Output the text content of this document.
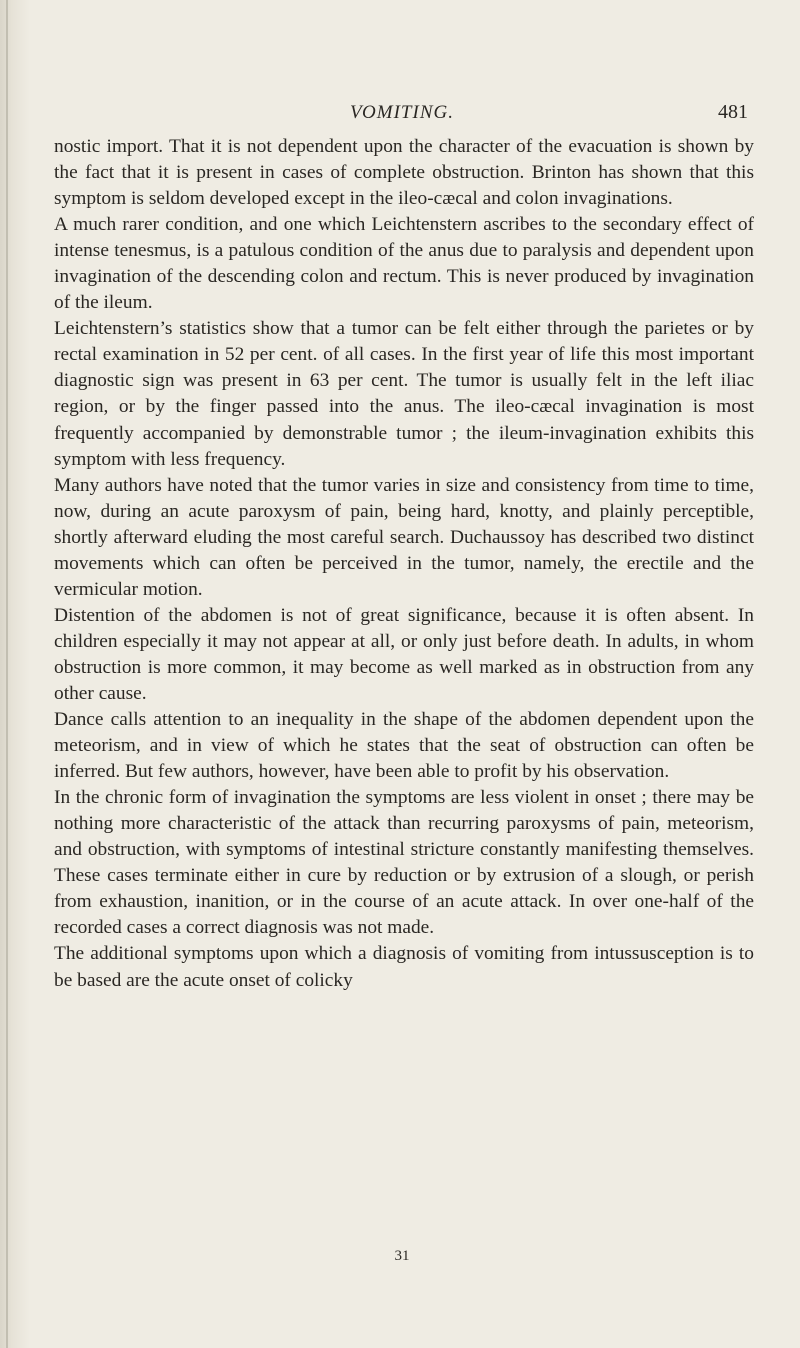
VOMITING.	481

nostic import. That it is not dependent upon the character of the evacuation is shown by the fact that it is present in cases of complete obstruction. Brinton has shown that this symptom is seldom developed except in the ileo-cæcal and colon invaginations.

A much rarer condition, and one which Leichtenstern ascribes to the secondary effect of intense tenesmus, is a patulous condition of the anus due to paralysis and dependent upon invagination of the descending colon and rectum. This is never produced by invagination of the ileum.

Leichtenstern’s statistics show that a tumor can be felt either through the parietes or by rectal examination in 52 per cent. of all cases. In the first year of life this most important diagnostic sign was present in 63 per cent. The tumor is usually felt in the left iliac region, or by the finger passed into the anus. The ileo-cæcal invagination is most frequently accompanied by demonstrable tumor ; the ileum-invagination exhibits this symptom with less frequency.

Many authors have noted that the tumor varies in size and consistency from time to time, now, during an acute paroxysm of pain, being hard, knotty, and plainly perceptible, shortly afterward eluding the most careful search. Duchaussoy has described two distinct movements which can often be perceived in the tumor, namely, the erectile and the vermicular motion.

Distention of the abdomen is not of great significance, because it is often absent. In children especially it may not appear at all, or only just before death. In adults, in whom obstruction is more common, it may become as well marked as in obstruction from any other cause.

Dance calls attention to an inequality in the shape of the abdomen dependent upon the meteorism, and in view of which he states that the seat of obstruction can often be inferred. But few authors, however, have been able to profit by his observation.

In the chronic form of invagination the symptoms are less violent in onset ; there may be nothing more characteristic of the attack than recurring paroxysms of pain, meteorism, and obstruction, with symptoms of intestinal stricture constantly manifesting themselves. These cases terminate either in cure by reduction or by extrusion of a slough, or perish from exhaustion, inanition, or in the course of an acute attack. In over one-half of the recorded cases a correct diagnosis was not made.

The additional symptoms upon which a diagnosis of vomiting from intussusception is to be based are the acute onset of colicky

31
